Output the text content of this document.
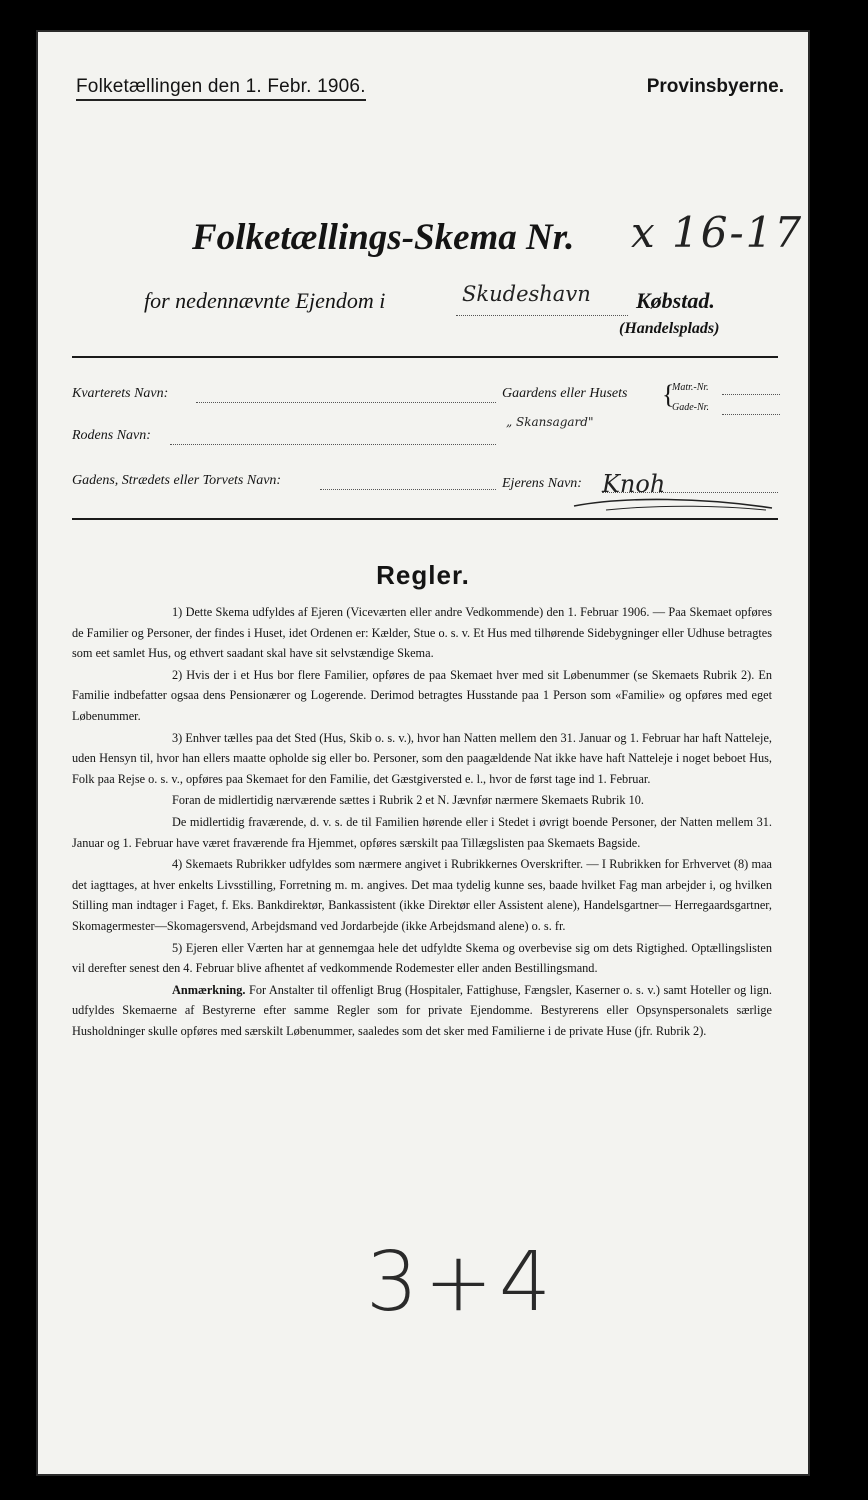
Folketællingen den 1. Febr. 1906.	Provinsbyerne.
Folketællings-Skema Nr. x 16-17
for nedennævnte Ejendom i	Skudeshavn Købstad.
(Handelsplads)
Kvarterets Navn:	Gaardens eller Husets {
Matr.-Nr.
Gade-Nr.
„ Skansagard"
Rodens Navn:
Gadens, Strædets eller Torvets Navn:	Ejerens Navn: Knoh
Regler.

1) Dette Skema udfyldes af Ejeren (Viceværten eller andre Vedkommende) den 1. Februar 1906. — Paa Skemaet opføres de Familier og Personer, der findes i Huset, idet Ordenen er: Kælder, Stue o. s. v. Et Hus med tilhørende Sidebygninger eller Udhuse betragtes som eet samlet Hus, og ethvert saadant skal have sit selvstændige Skema.

2) Hvis der i et Hus bor flere Familier, opføres de paa Skemaet hver med sit Løbenummer (se Skemaets Rubrik 2). En Familie indbefatter ogsaa dens Pensionærer og Logerende. Derimod betragtes Husstande paa 1 Person som «Familie» og opføres med eget Løbenummer.

3) Enhver tælles paa det Sted (Hus, Skib o. s. v.), hvor han Natten mellem den 31. Januar og 1. Februar har haft Natteleje, uden Hensyn til, hvor han ellers maatte opholde sig eller bo. Personer, som den paagældende Nat ikke have haft Natteleje i noget beboet Hus, Folk paa Rejse o. s. v., opføres paa Skemaet for den Familie, det Gæstgiversted e. l., hvor de først tage ind 1. Februar.

Foran de midlertidig nærværende sættes i Rubrik 2 et N. Jævnfør nærmere Skemaets Rubrik 10.

De midlertidig fraværende, d. v. s. de til Familien hørende eller i Stedet i øvrigt boende Personer, der Natten mellem 31. Januar og 1. Februar have været fraværende fra Hjemmet, opføres særskilt paa Tillægslisten paa Skemaets Bagside.

4) Skemaets Rubrikker udfyldes som nærmere angivet i Rubrikkernes Overskrifter. — I Rubrikken for Erhvervet (8) maa det iagttages, at hver enkelts Livsstilling, Forretning m. m. angives. Det maa tydelig kunne ses, baade hvilket Fag man arbejder i, og hvilken Stilling man indtager i Faget, f. Eks. Bankdirektør, Bankassistent (ikke Direktør eller Assistent alene), Handelsgartner— Herregaardsgartner, Skomagermester—Skomagersvend, Arbejdsmand ved Jordarbejde (ikke Arbejdsmand alene) o. s. fr.

5) Ejeren eller Værten har at gennemgaa hele det udfyldte Skema og overbevise sig om dets Rigtighed. Optællingslisten vil derefter senest den 4. Februar blive afhentet af vedkommende Rodemester eller anden Bestillingsmand.

Anmærkning. For Anstalter til offenligt Brug (Hospitaler, Fattighuse, Fængsler, Kaserner o. s. v.) samt Hoteller og lign. udfyldes Skemaerne af Bestyrerne efter samme Regler som for private Ejendomme. Bestyrerens eller Opsynspersonalets særlige Husholdninger skulle opføres med særskilt Løbenummer, saaledes som det sker med Familierne i de private Huse (jfr. Rubrik 2).

3+4
